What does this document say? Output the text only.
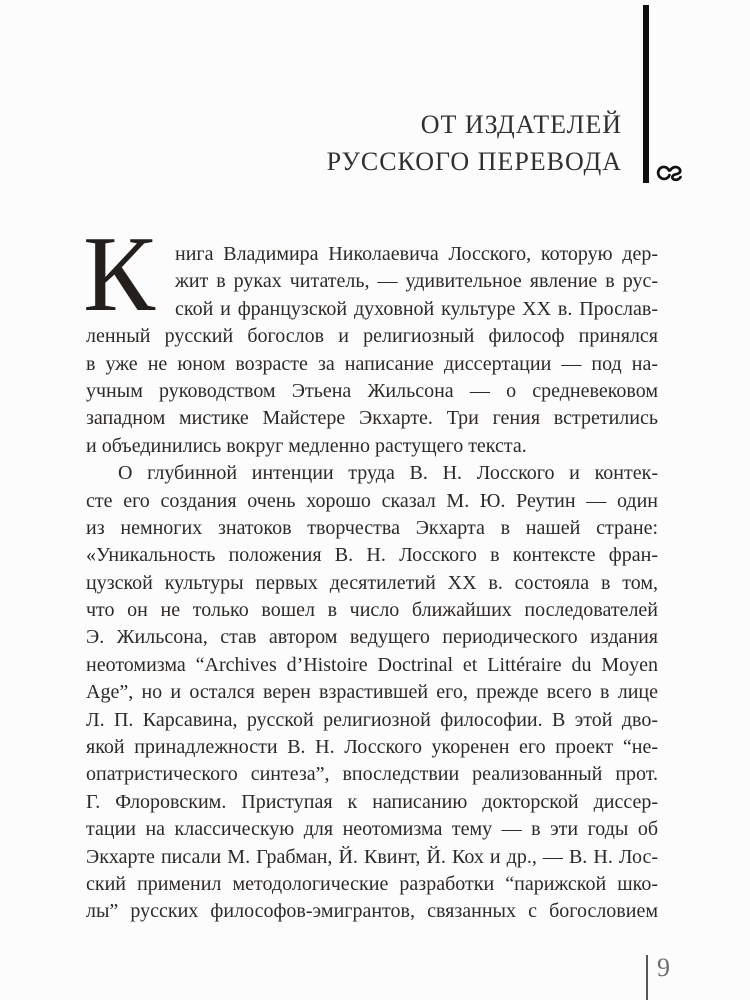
ОТ ИЗДАТЕЛЕЙ
РУССКОГО ПЕРЕВОДА
К нига Владимира Николаевича Лосского, которую дер-
жит в руках читатель, — удивительное явление в рус-
ской и французской духовной культуре XX в. Прослав-
ленный русский богослов и религиозный философ принялся
в уже не юном возрасте за написание диссертации — под на-
учным руководством Этьена Жильсона — о средневековом
западном мистике Майстере Экхарте. Три гения встретились
и объединились вокруг медленно растущего текста.
О глубинной интенции труда В. Н. Лосского и контек-
сте его создания очень хорошо сказал М. Ю. Реутин — один
из немногих знатоков творчества Экхарта в нашей стране:
«Уникальность положения В. Н. Лосского в контексте фран-
цузской культуры первых десятилетий XX в. состояла в том,
что он не только вошел в число ближайших последователей
Э. Жильсона, став автором ведущего периодического издания
неотомизма “Archives d’Histoire Doctrinal et Littéraire du Moyen
Age”, но и остался верен взрастившей его, прежде всего в лице
Л. П. Карсавина, русской религиозной философии. В этой дво-
якой принадлежности В. Н. Лосского укоренен его проект “не-
опатристического синтеза”, впоследствии реализованный прот.
Г. Флоровским. Приступая к написанию докторской диссер-
тации на классическую для неотомизма тему — в эти годы об
Экхарте писали М. Грабман, Й. Квинт, Й. Кох и др., — В. Н. Лос-
ский применил методологические разработки “парижской шко-
лы” русских философов-эмигрантов, связанных с богословием
9
